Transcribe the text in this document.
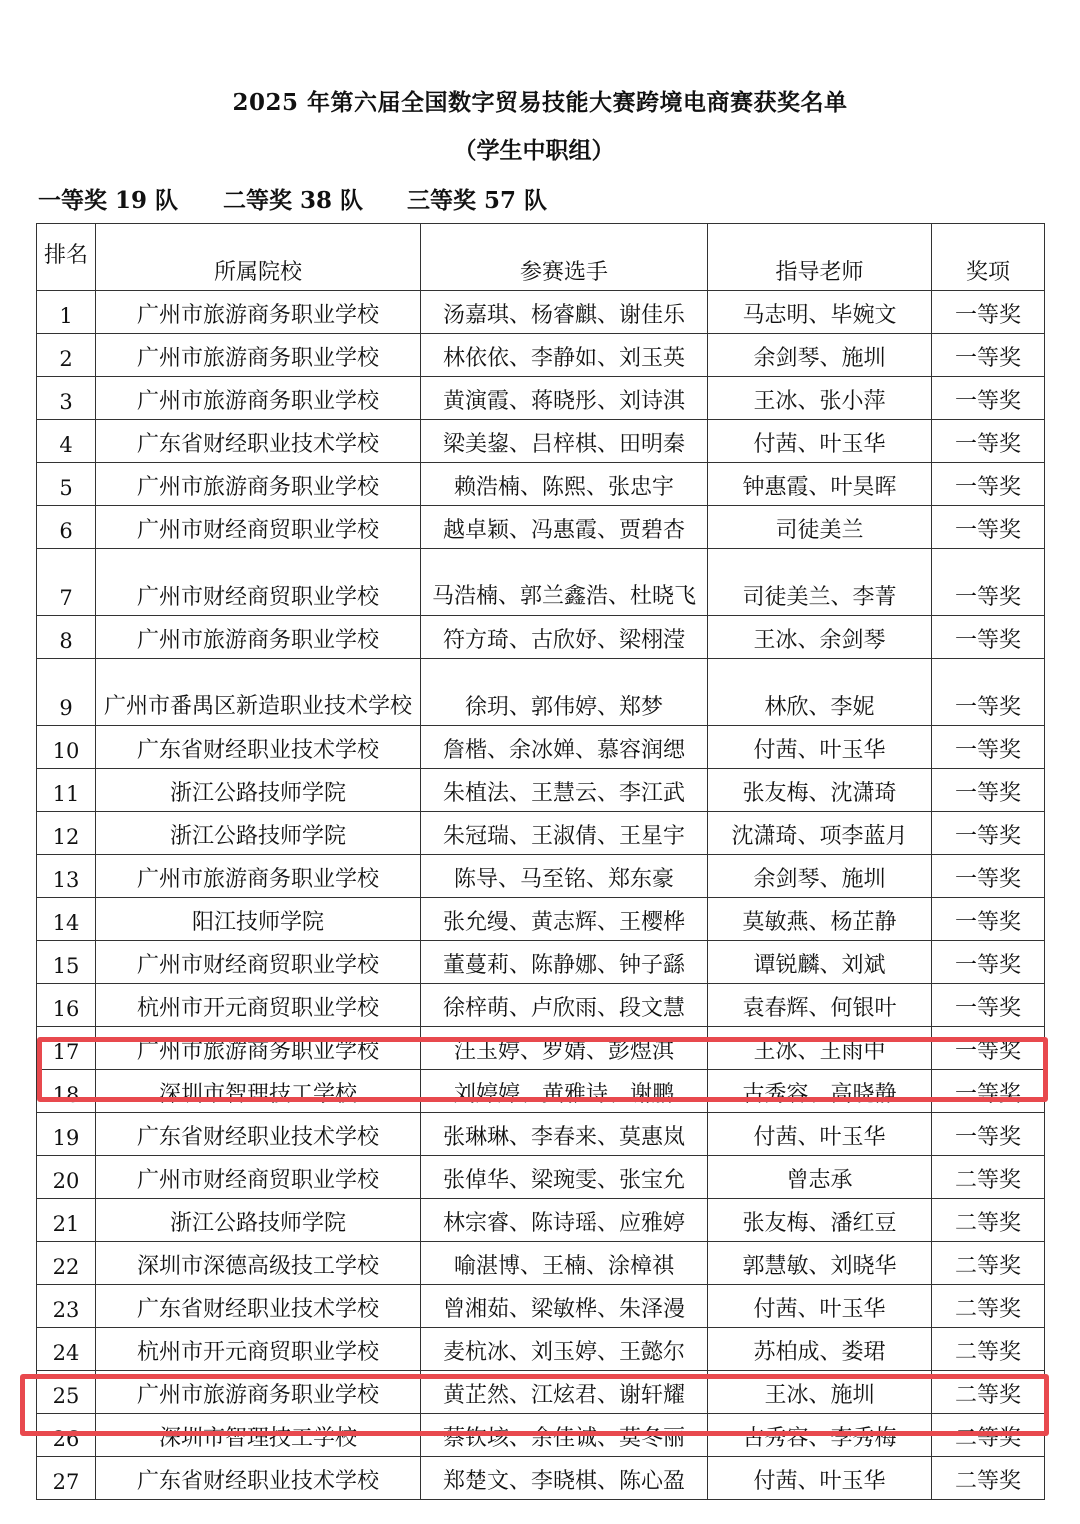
2025 年第六届全国数字贸易技能大赛跨境电商赛获奖名单
（学生中职组）
一等奖 19 队	二等奖 38 队	三等奖 57 队
排名	所属院校	参赛选手	指导老师	奖项
1	广州市旅游商务职业学校	汤嘉琪、杨睿麒、谢佳乐	马志明、毕婉文	一等奖
2	广州市旅游商务职业学校	林依依、李静如、刘玉英	余剑琴、施圳	一等奖
3	广州市旅游商务职业学校	黄演霞、蒋晓彤、刘诗淇	王冰、张小萍	一等奖
4	广东省财经职业技术学校	梁美鋆、吕梓棋、田明秦	付茜、叶玉华	一等奖
5	广州市旅游商务职业学校	赖浩楠、陈熙、张忠宇	钟惠霞、叶昊晖	一等奖
6	广州市财经商贸职业学校	越卓颖、冯惠霞、贾碧杏	司徒美兰	一等奖
7	广州市财经商贸职业学校	马浩楠、郭兰鑫浩、杜晓飞	司徒美兰、李菁	一等奖
8	广州市旅游商务职业学校	符方琦、古欣妤、梁栩滢	王冰、余剑琴	一等奖
9	广州市番禺区新造职业技术学校	徐玥、郭伟婷、郑梦	林欣、李妮	一等奖
10	广东省财经职业技术学校	詹楷、余冰婵、慕容润缌	付茜、叶玉华	一等奖
11	浙江公路技师学院	朱植法、王慧云、李江武	张友梅、沈潇琦	一等奖
12	浙江公路技师学院	朱冠瑞、王淑倩、王星宇	沈潇琦、项李蓝月	一等奖
13	广州市旅游商务职业学校	陈导、马至铭、郑东豪	余剑琴、施圳	一等奖
14	阳江技师学院	张允缦、黄志辉、王樱桦	莫敏燕、杨芷静	一等奖
15	广州市财经商贸职业学校	董蔓莉、陈静娜、钟子繇	谭锐麟、刘斌	一等奖
16	杭州市开元商贸职业学校	徐梓萌、卢欣雨、段文慧	袁春辉、何银叶	一等奖
17	广州市旅游商务职业学校	汪玉婷、罗婧、彭煜淇	王冰、王雨中	一等奖
18	深圳市智理技工学校	刘婷婷、黄雅诗、谢鹏	古秀容、高晓静	一等奖
19	广东省财经职业技术学校	张琳琳、李春来、莫惠岚	付茜、叶玉华	一等奖
20	广州市财经商贸职业学校	张倬华、梁琬雯、张宝允	曾志承	二等奖
21	浙江公路技师学院	林宗睿、陈诗瑶、应雅婷	张友梅、潘红豆	二等奖
22	深圳市深德高级技工学校	喻湛博、王楠、涂樟祺	郭慧敏、刘晓华	二等奖
23	广东省财经职业技术学校	曾湘茹、梁敏桦、朱泽漫	付茜、叶玉华	二等奖
24	杭州市开元商贸职业学校	麦杭冰、刘玉婷、王懿尔	苏柏成、娄珺	二等奖
25	广州市旅游商务职业学校	黄芷然、江炫君、谢轩耀	王冰、施圳	二等奖
26	深圳市智理技工学校	蔡钦垓、余佳诚、莫冬丽	古秀容、李秀梅	二等奖
27	广东省财经职业技术学校	郑楚文、李晓棋、陈心盈	付茜、叶玉华	二等奖
